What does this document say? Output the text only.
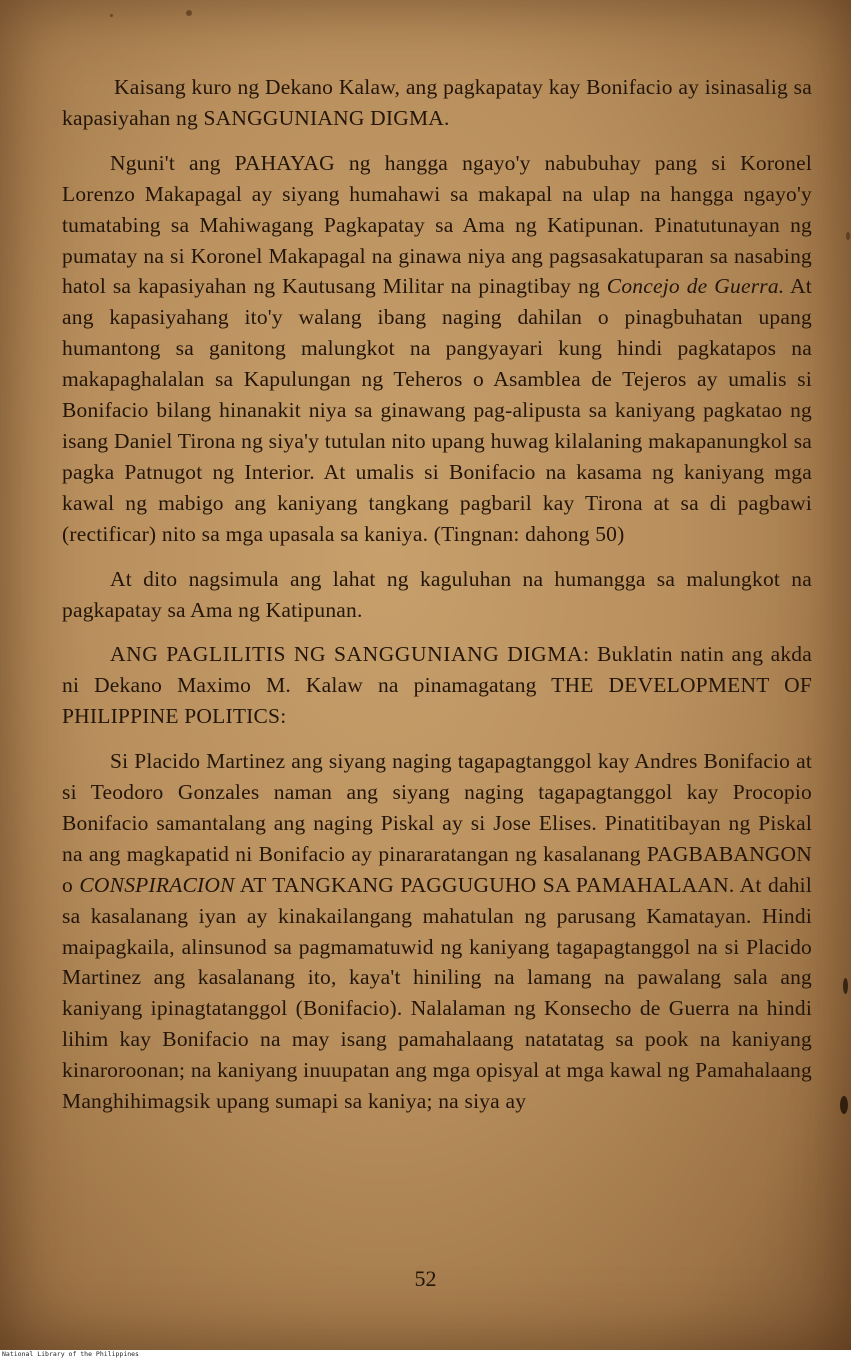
Kaisang kuro ng Dekano Kalaw, ang pagkapatay kay Bonifacio ay isinasalig sa kapasiyahan ng SANGGUNIANG DIGMA.

Nguni't ang PAHAYAG ng hangga ngayo'y nabubuhay pang si Koronel Lorenzo Makapagal ay siyang humahawi sa makapal na ulap na hangga ngayo'y tumatabing sa Mahiwagang Pagkapatay sa Ama ng Katipunan. Pinatutunayan ng pumatay na si Koronel Makapagal na ginawa niya ang pagsasakatuparan sa nasabing hatol sa kapasiyahan ng Kautusang Militar na pinagtibay ng Concejo de Guerra. At ang kapasiyahang ito'y walang ibang naging dahilan o pinagbuhatan upang humantong sa ganitong malungkot na pangyayari kung hindi pagkatapos na makapaghalalan sa Kapulungan ng Teheros o Asamblea de Tejeros ay umalis si Bonifacio bilang hinanakit niya sa ginawang pag-alipusta sa kaniyang pagkatao ng isang Daniel Tirona ng siya'y tutulan nito upang huwag kilalaning makapanungkol sa pagka Patnugot ng Interior. At umalis si Bonifacio na kasama ng kaniyang mga kawal ng mabigo ang kaniyang tangkang pagbaril kay Tirona at sa di pagbawi (rectificar) nito sa mga upasala sa kaniya. (Tingnan: dahong 50)

At dito nagsimula ang lahat ng kaguluhan na humangga sa malungkot na pagkapatay sa Ama ng Katipunan.

ANG PAGLILITIS NG SANGGUNIANG DIGMA: Buklatin natin ang akda ni Dekano Maximo M. Kalaw na pinamagatang THE DEVELOPMENT OF PHILIPPINE POLITICS:

Si Placido Martinez ang siyang naging tagapagtanggol kay Andres Bonifacio at si Teodoro Gonzales naman ang siyang naging tagapagtanggol kay Procopio Bonifacio samantalang ang naging Piskal ay si Jose Elises. Pinatitibayan ng Piskal na ang magkapatid ni Bonifacio ay pinararatangan ng kasalanang PAGBABANGON o CONSPIRACION AT TANGKANG PAGGUGUHO SA PAMAHALAAN. At dahil sa kasalanang iyan ay kinakailangang mahatulan ng parusang Kamatayan. Hindi maipagkaila, alinsunod sa pagmamatuwid ng kaniyang tagapagtanggol na si Placido Martinez ang kasalanang ito, kaya't hiniling na lamang na pawalang sala ang kaniyang ipinagtatanggol (Bonifacio). Nalalaman ng Konsecho de Guerra na hindi lihim kay Bonifacio na may isang pamahalaang natatatag sa pook na kaniyang kinaroroonan; na kaniyang inuupatan ang mga opisyal at mga kawal ng Pamahalaang Manghihimagsik upang sumapi sa kaniya; na siya ay

52
National Library of the Philippines
